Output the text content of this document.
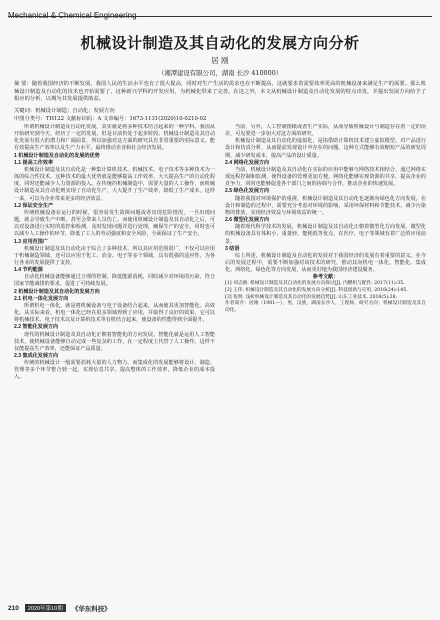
机械设计制造及其自动化的发展方向分析
居 刚
（湘潭建设有限公司，湖南 长沙 410000）
摘 要：随着我国经济的不断发展，我国人民的生活水平也有了很大提高，同时对生产生活的需求也在不断提高，这就要求着需要效率更高的机械设备来满足生产的需要。那么机械设计制造及自动化的技术也开始需要了，这种新兴学科的开发应用，为机械化带来了完善。在这之外，本文从机械设计制造及自动化发展的特点出发，并提出发展方向给予了相应的分析，以期为其发展提供助益。
关键词：机械设计制造；自动化；发展方向
中图分类号：TH122 文献标识码：A 文章编号：1673-1131(2020)10-0210-02

所谓机械设计制造及自动化发展，其实就是将多种技术结合起来的一种学科。我国从开始研究到今天，经历了一定的发展，但是目前仍处于起步阶段。机械设计制造及其自动化发展有很大的潜力和广阔前景，所以加强对这方面的研究具有非常重要的实际意义。能有效提高生产效率以及生产力水平，最终推动企业和社会经济发展。

1 机械设计制造及自动化的发展的优势

1.1 提高工作效率

机械设计制造及其自动化是一种集计算机技术、机械技术、电子技术等多种技术为一体的综合性技术。这种技术的最大优势就是能够提高工作效率，大大提高生产的自动化程度，同时还能减少人力资源的投入。在传统的机械制造中，需要大量的人工操作，而机械设计制造及其自动化则实现了自动化生产，大大提升了生产效率，降低了生产成本。这样一来，可以为企业带来更多的经济效益。

1.2 保证安全生产

传统机械设备在运行的时候，很容易发生故障问题或者出现危险情况，一旦出现问题，就会导致生产中断，甚至会带来人员伤亡。而使用机械设计制造及其自动化之后，可以对设备进行实时的监控和检测，及时发现问题并进行处理，确保生产的安全。同时也可以减少人工操作的环节，降低了工人的劳动强度和安全风险，全面保证了生产安全。

1.3 应用范围广

机械设计制造及其自动化由于综合了多种技术，所以其应用范围很广，不仅可以应用于机械制造领域，还可以应用于化工、冶金、电子等多个领域，具有很强的适应性，为各行各业的发展提供了支持。

1.4 节约能源

自动化机械设备能够通过合理的控制，降低能源消耗，同时减少对环境的污染，符合国家节能减排的要求，促进了可持续发展。

2 机械设计制造及其自动化的发展方向

2.1 机电一体化发展方向

所谓机电一体化，就是将机械设备与电子设备结合起来，从而使其更加智能化、高效化。从实际来看，机电一体化已经在很多领域得到了应用，并取得了良好的效果。它可以将机械技术、电子技术以及计算机技术等有机结合起来，使设备的性能得到全面提升。

2.2 智能化发展方向

现代的机械设计制造及其自动化正朝着智能化的方向发展。智能化就是运用人工智能技术，使机械设备能够自动完成一些复杂的工作，在一定程度上代替了人工操作。这样不仅能提高生产效率，还能保证产品质量。

2.3 集成化发展方向

传统的机械设计一般需要消耗大量的人力物力，而集成化的发展能够将设计、制造、管理等多个环节整合到一起，实现信息共享，提高整体的工作效率，降低企业的成本投入。

当前，另外，人工控制图纸或者生产实际，从而导致机械设计与制造存在着一定的误差，可见要进一步加大对这方面的研究。

机械设计制造及其自动化的虚拟化，是指借助计算机技术建立虚拟模型，对产品进行设计和仿真分析，从而提前发现设计中存在的问题。这种方式能够有效缩短产品的研发周期，减少研发成本，提高产品的设计质量。

2.4 网络化发展方向

当前，机械设计制造及其自动化在实际的应用中能够与网络技术相结合，通过网络实现远程控制和监测，使得设备的管理更加方便。网络化能够实现资源的共享，提高企业的竞争力，同时也能够促进各个部门之间的协调与合作，推动企业的快速发展。

2.5 绿色化发展方向

随着我国对环境保护的重视，机械设计制造及其自动化也逐渐向绿色化方向发展。在设计和制造的过程中，需要充分考虑对环境的影响，采用环保材料和节能技术，减少污染物的排放，实现经济效益与环境效益的统一。

2.6 微型化发展方向

随着现代科学技术的发展，机械设计制造及其自动化正朝着微型化方向发展。微型化的机械设备具有体积小、重量轻、能耗低等优点，在医疗、电子等领域有着广泛的应用前景。

3 结语

综上所述，机械设计制造及自动化的发展对于我国经济的发展有着重要的意义。在今后的发展过程中，需要不断加强对该技术的研究，推动其向机电一体化、智能化、集成化、网络化、绿色化等方向发展，从而更好地为我国经济建设服务。

参考文献：

[1] 刘志刚. 机械设计制造及其自动化的发展方向探讨[J]. 内燃机与配件, 2017(11):35.

[2] 王伟. 机械设计制造及其自动化的发展方向分析[J]. 科技创新与应用, 2016(24):145.

[3] 张明. 浅析机械设计制造及其自动化的发展趋势[J]. 山东工业技术, 2018(5):28.

作者简介：居刚（1981—），男，汉族，湖南长沙人，工程师，研究方向：机械设计制造及其自动化。

210	2020年第10期	《华东科技》
